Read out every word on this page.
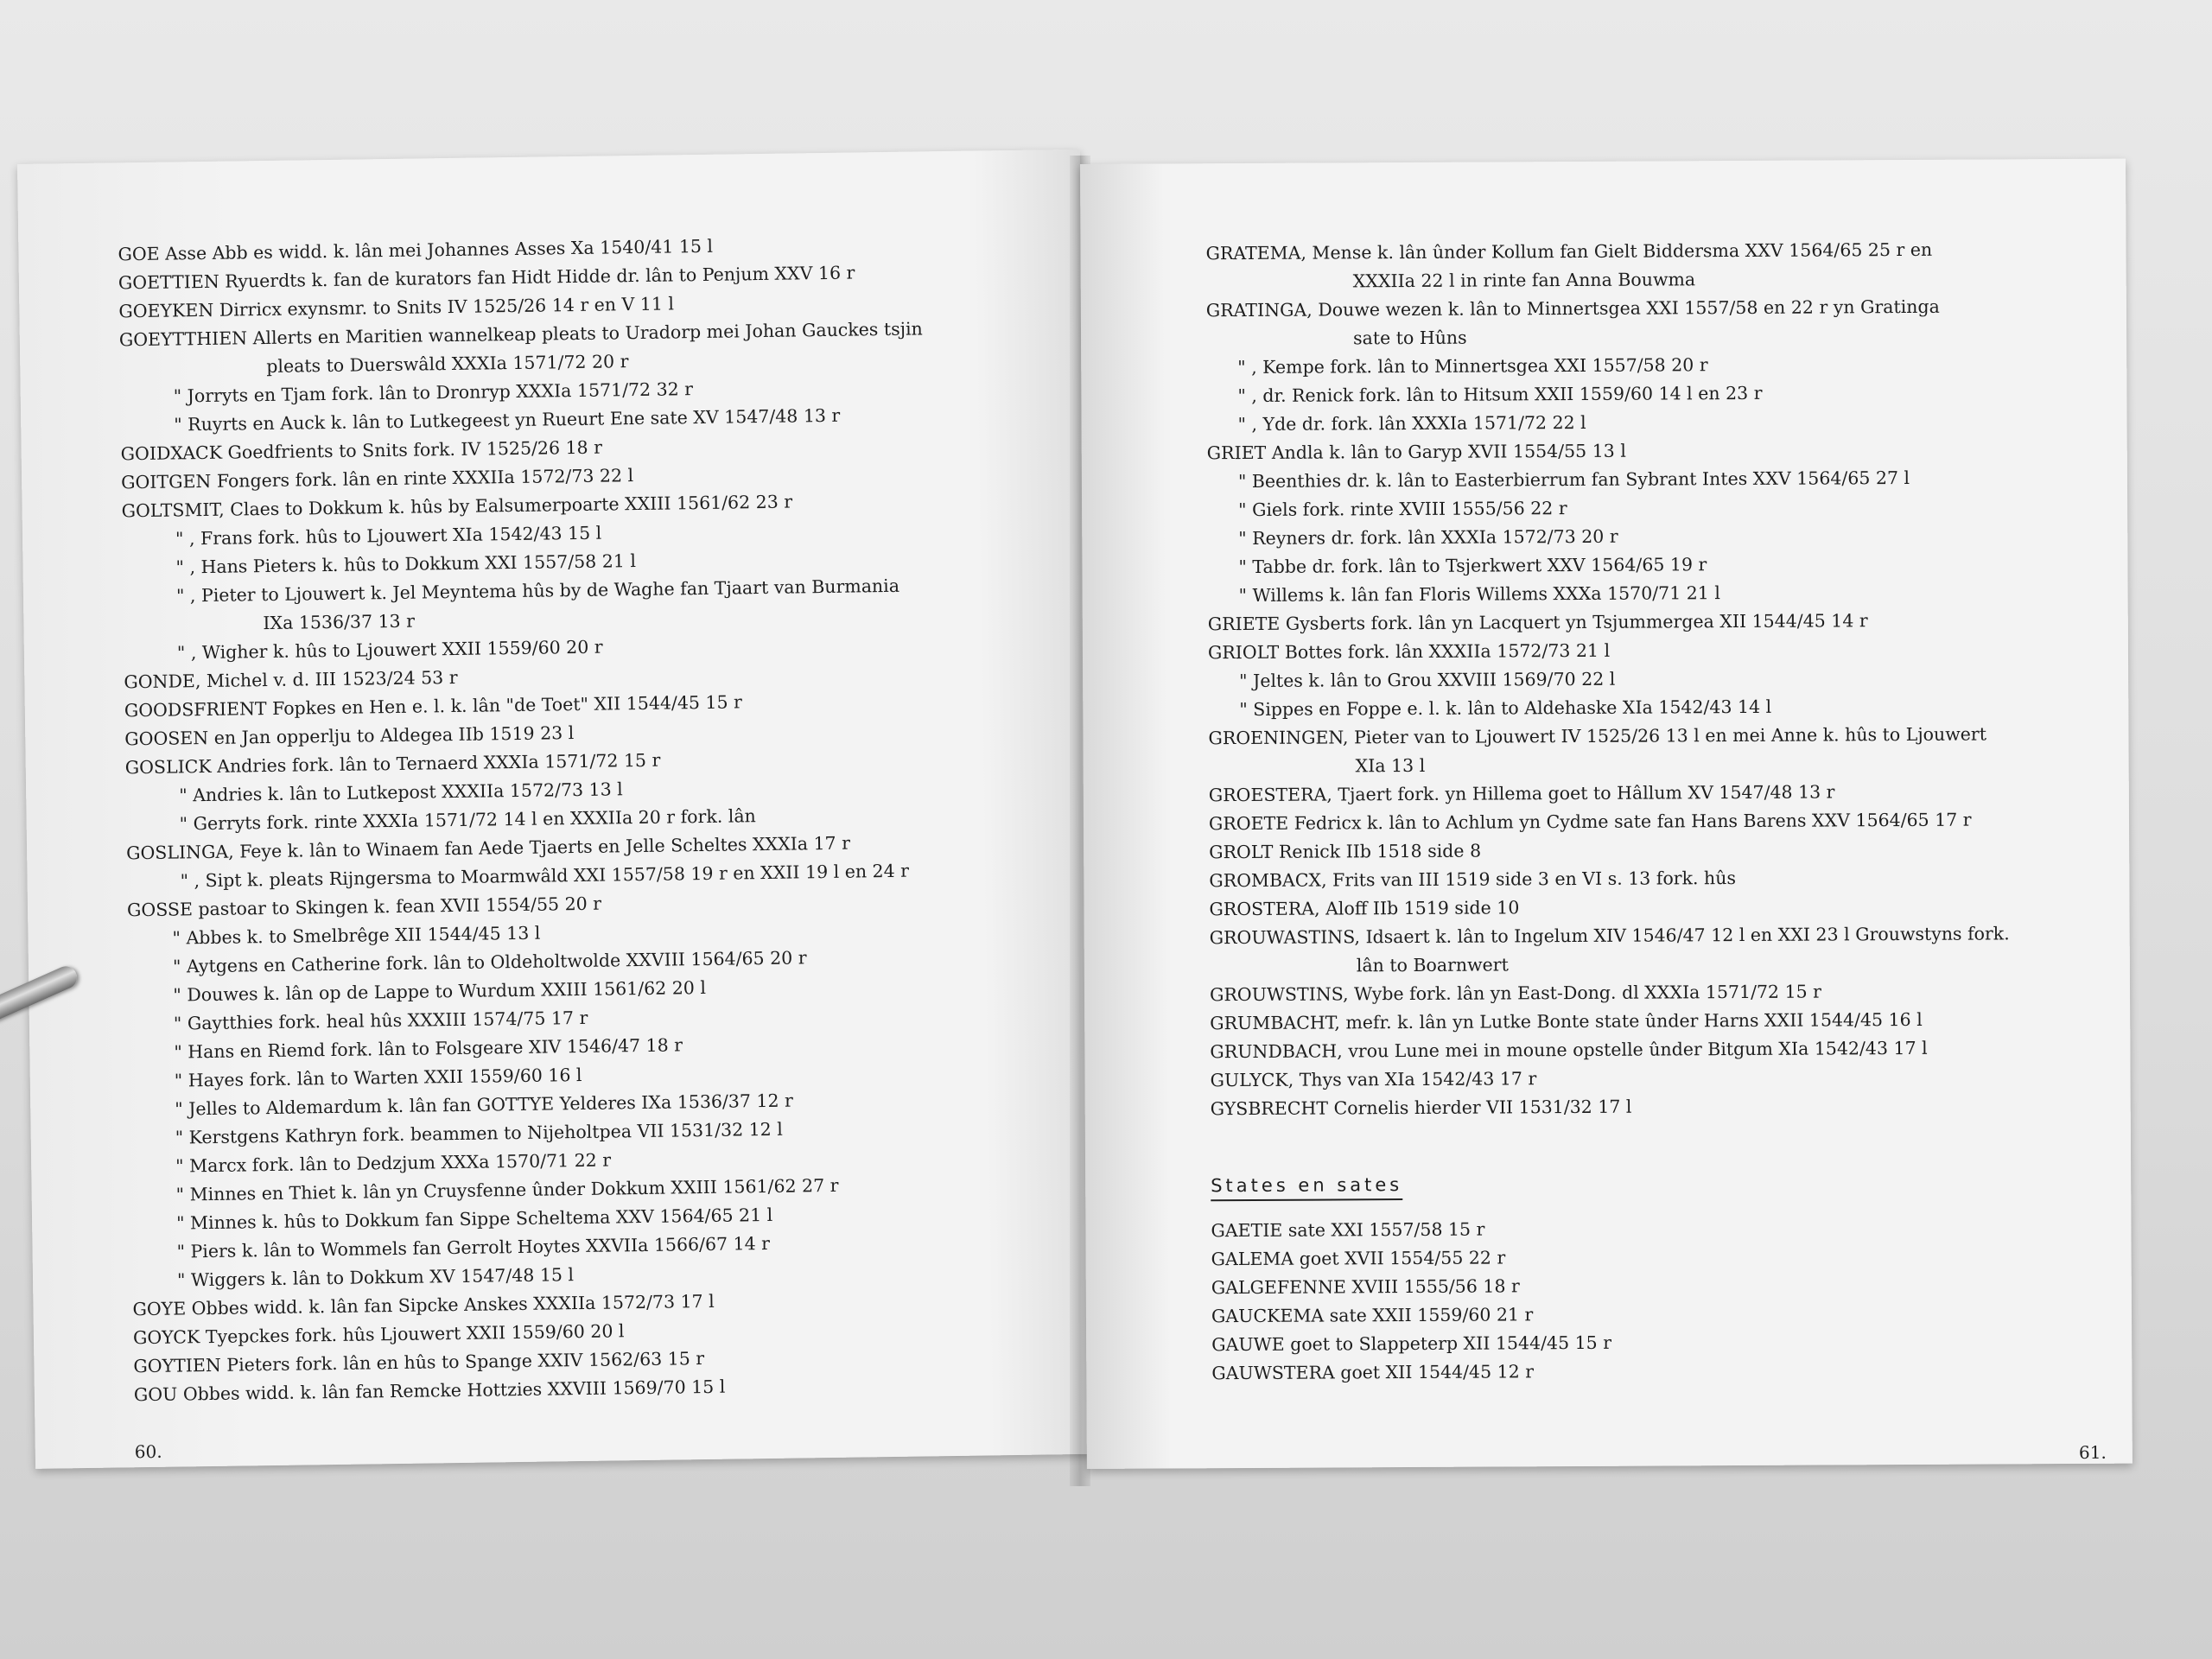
GOE Asse Abb es widd. k. lân mei Johannes Asses Xa 1540/41 15 l
GOETTIEN Ryuerdts k. fan de kurators fan Hidt Hidde dr. lân to Penjum XXV 16 r
GOEYKEN Dirricx exynsmr. to Snits IV 1525/26 14 r en V 11 l
GOEYTTHIEN Allerts en Maritien wannelkeap pleats to Uradorp mei Johan Gauckes tsjin
pleats to Duerswâld XXXIa 1571/72 20 r
" Jorryts en Tjam fork. lân to Dronryp XXXIa 1571/72 32 r
" Ruyrts en Auck k. lân to Lutkegeest yn Rueurt Ene sate XV 1547/48 13 r
GOIDXACK Goedfrients to Snits fork. IV 1525/26 18 r
GOITGEN Fongers fork. lân en rinte XXXIIa 1572/73 22 l
GOLTSMIT, Claes to Dokkum k. hûs by Ealsumerpoarte XXIII 1561/62 23 r
" , Frans fork. hûs to Ljouwert XIa 1542/43 15 l
" , Hans Pieters k. hûs to Dokkum XXI 1557/58 21 l
" , Pieter to Ljouwert k. Jel Meyntema hûs by de Waghe fan Tjaart van Burmania
IXa 1536/37 13 r
" , Wigher k. hûs to Ljouwert XXII 1559/60 20 r
GONDE, Michel v. d. III 1523/24 53 r
GOODSFRIENT Fopkes en Hen e. l. k. lân "de Toet" XII 1544/45 15 r
GOOSEN en Jan opperlju to Aldegea IIb 1519 23 l
GOSLICK Andries fork. lân to Ternaerd XXXIa 1571/72 15 r
" Andries k. lân to Lutkepost XXXIIa 1572/73 13 l
" Gerryts fork. rinte XXXIa 1571/72 14 l en XXXIIa 20 r fork. lân
GOSLINGA, Feye k. lân to Winaem fan Aede Tjaerts en Jelle Scheltes XXXIa 17 r
" , Sipt k. pleats Rijngersma to Moarmwâld XXI 1557/58 19 r en XXII 19 l en 24 r
GOSSE pastoar to Skingen k. fean XVII 1554/55 20 r
" Abbes k. to Smelbrêge XII 1544/45 13 l
" Aytgens en Catherine fork. lân to Oldeholtwolde XXVIII 1564/65 20 r
" Douwes k. lân op de Lappe to Wurdum XXIII 1561/62 20 l
" Gaytthies fork. heal hûs XXXIII 1574/75 17 r
" Hans en Riemd fork. lân to Folsgeare XIV 1546/47 18 r
" Hayes fork. lân to Warten XXII 1559/60 16 l
" Jelles to Aldemardum k. lân fan GOTTYE Yelderes IXa 1536/37 12 r
" Kerstgens Kathryn fork. beammen to Nijeholtpea VII 1531/32 12 l
" Marcx fork. lân to Dedzjum XXXa 1570/71 22 r
" Minnes en Thiet k. lân yn Cruysfenne ûnder Dokkum XXIII 1561/62 27 r
" Minnes k. hûs to Dokkum fan Sippe Scheltema XXV 1564/65 21 l
" Piers k. lân to Wommels fan Gerrolt Hoytes XXVIIa 1566/67 14 r
" Wiggers k. lân to Dokkum XV 1547/48 15 l
GOYE Obbes widd. k. lân fan Sipcke Anskes XXXIIa 1572/73 17 l
GOYCK Tyepckes fork. hûs Ljouwert XXII 1559/60 20 l
GOYTIEN Pieters fork. lân en hûs to Spange XXIV 1562/63 15 r
GOU Obbes widd. k. lân fan Remcke Hottzies XXVIII 1569/70 15 l
60.
GRATEMA, Mense k. lân ûnder Kollum fan Gielt Biddersma XXV 1564/65 25 r en
XXXIIa 22 l in rinte fan Anna Bouwma
GRATINGA, Douwe wezen k. lân to Minnertsgea XXI 1557/58 en 22 r yn Gratinga
sate to Hûns
" , Kempe fork. lân to Minnertsgea XXI 1557/58 20 r
" , dr. Renick fork. lân to Hitsum XXII 1559/60 14 l en 23 r
" , Yde dr. fork. lân XXXIa 1571/72 22 l
GRIET Andla k. lân to Garyp XVII 1554/55 13 l
" Beenthies dr. k. lân to Easterbierrum fan Sybrant Intes XXV 1564/65 27 l
" Giels fork. rinte XVIII 1555/56 22 r
" Reyners dr. fork. lân XXXIa 1572/73 20 r
" Tabbe dr. fork. lân to Tsjerkwert XXV 1564/65 19 r
" Willems k. lân fan Floris Willems XXXa 1570/71 21 l
GRIETE Gysberts fork. lân yn Lacquert yn Tsjummergea XII 1544/45 14 r
GRIOLT Bottes fork. lân XXXIIa 1572/73 21 l
" Jeltes k. lân to Grou XXVIII 1569/70 22 l
" Sippes en Foppe e. l. k. lân to Aldehaske XIa 1542/43 14 l
GROENINGEN, Pieter van to Ljouwert IV 1525/26 13 l en mei Anne k. hûs to Ljouwert
XIa 13 l
GROESTERA, Tjaert fork. yn Hillema goet to Hâllum XV 1547/48 13 r
GROETE Fedricx k. lân to Achlum yn Cydme sate fan Hans Barens XXV 1564/65 17 r
GROLT Renick IIb 1518 side 8
GROMBACX, Frits van III 1519 side 3 en VI s. 13 fork. hûs
GROSTERA, Aloff IIb 1519 side 10
GROUWASTINS, Idsaert k. lân to Ingelum XIV 1546/47 12 l en XXI 23 l Grouwstyns fork.
lân to Boarnwert
GROUWSTINS, Wybe fork. lân yn East-Dong. dl XXXIa 1571/72 15 r
GRUMBACHT, mefr. k. lân yn Lutke Bonte state ûnder Harns XXII 1544/45 16 l
GRUNDBACH, vrou Lune mei in moune opstelle ûnder Bitgum XIa 1542/43 17 l
GULYCK, Thys van XIa 1542/43 17 r
GYSBRECHT Cornelis hierder VII 1531/32 17 l
States en sates
GAETIE sate XXI 1557/58 15 r
GALEMA goet XVII 1554/55 22 r
GALGEFENNE XVIII 1555/56 18 r
GAUCKEMA sate XXII 1559/60 21 r
GAUWE goet to Slappeterp XII 1544/45 15 r
GAUWSTERA goet XII 1544/45 12 r
61.
